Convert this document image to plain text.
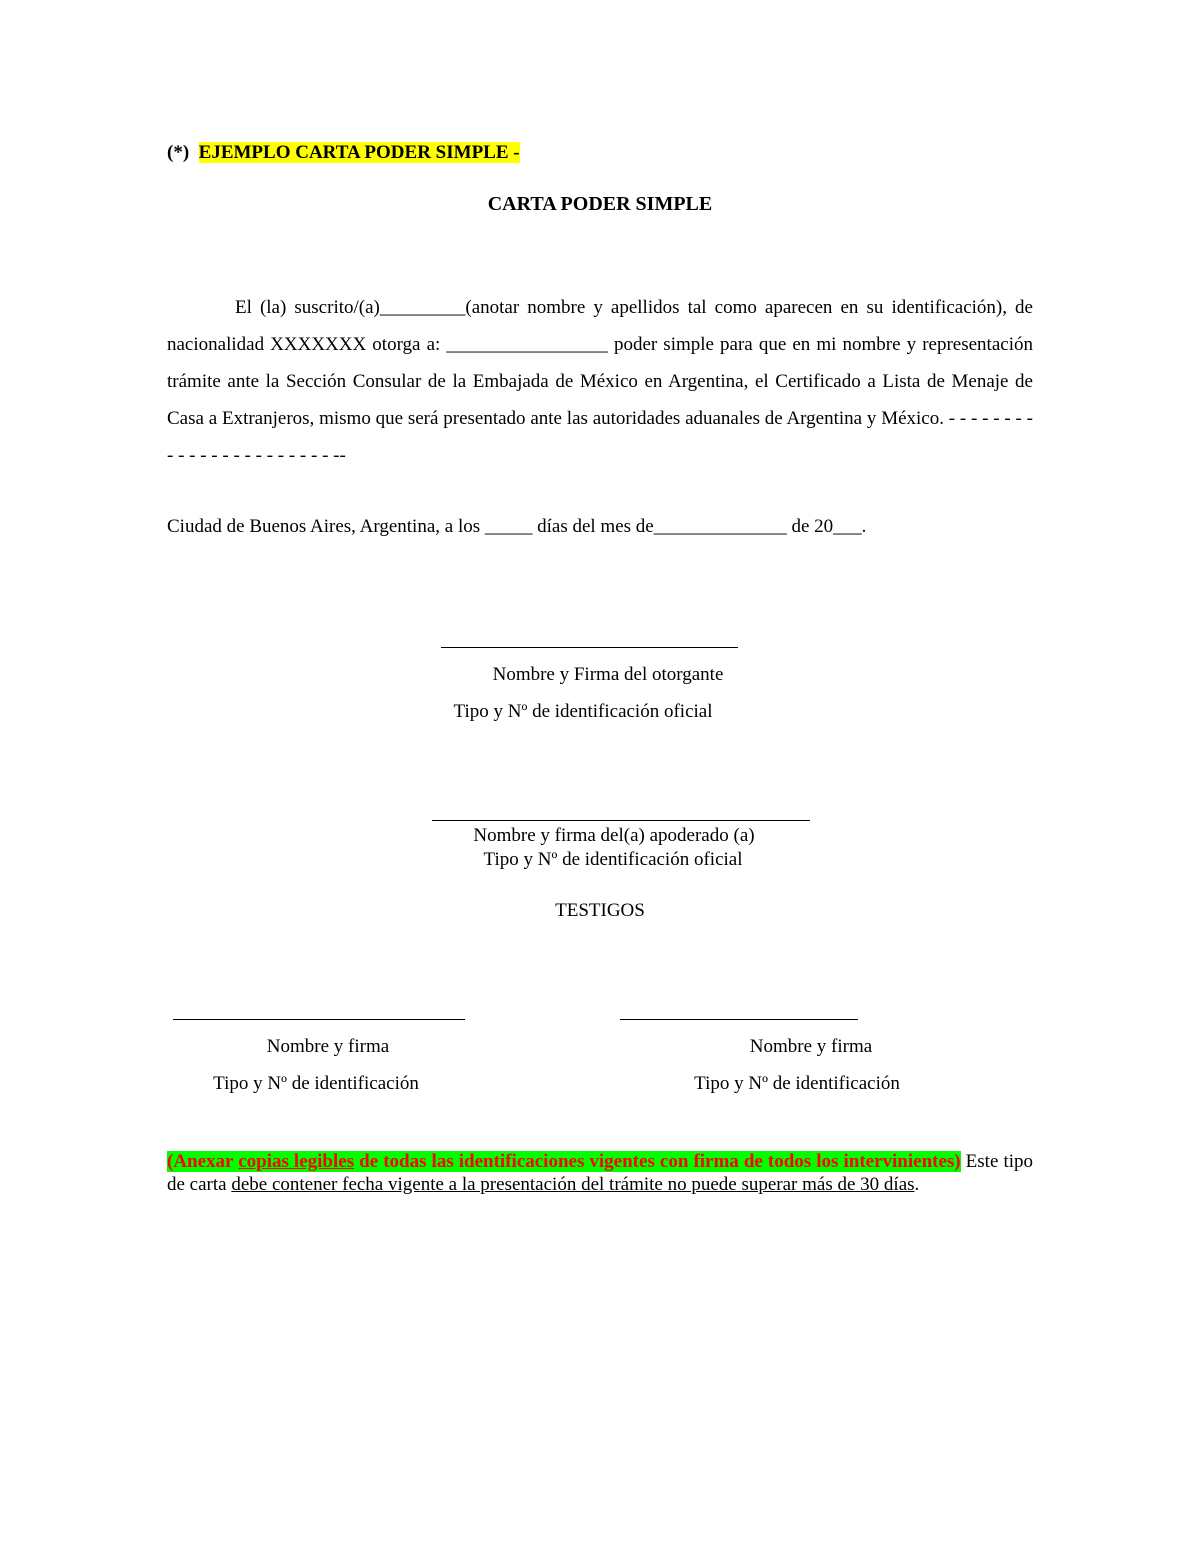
(*) EJEMPLO CARTA PODER SIMPLE -
CARTA PODER SIMPLE
El (la) suscrito/(a)_________(anotar nombre y apellidos tal como aparecen en su identificación), de nacionalidad XXXXXXX otorga a: _________________ poder simple para que en mi nombre y representación trámite ante la Sección Consular de la Embajada de México en Argentina, el Certificado a Lista de Menaje de Casa a Extranjeros, mismo que será presentado ante las autoridades aduanales de Argentina y México. - - - - - - - - - - - - - - - - - - - - - - - --
Ciudad de Buenos Aires, Argentina, a los _____ días del mes de______________ de 20___.
Nombre y Firma del otorgante
Tipo y Nº de identificación oficial
Nombre y firma del(a) apoderado (a)
Tipo y Nº de identificación oficial
TESTIGOS
Nombre y firma
Tipo y Nº de identificación
Nombre y firma
Tipo y Nº de identificación
(Anexar copias legibles de todas las identificaciones vigentes con firma de todos los intervinientes) Este tipo de carta debe contener fecha vigente a la presentación del trámite no puede superar más de 30 días.
